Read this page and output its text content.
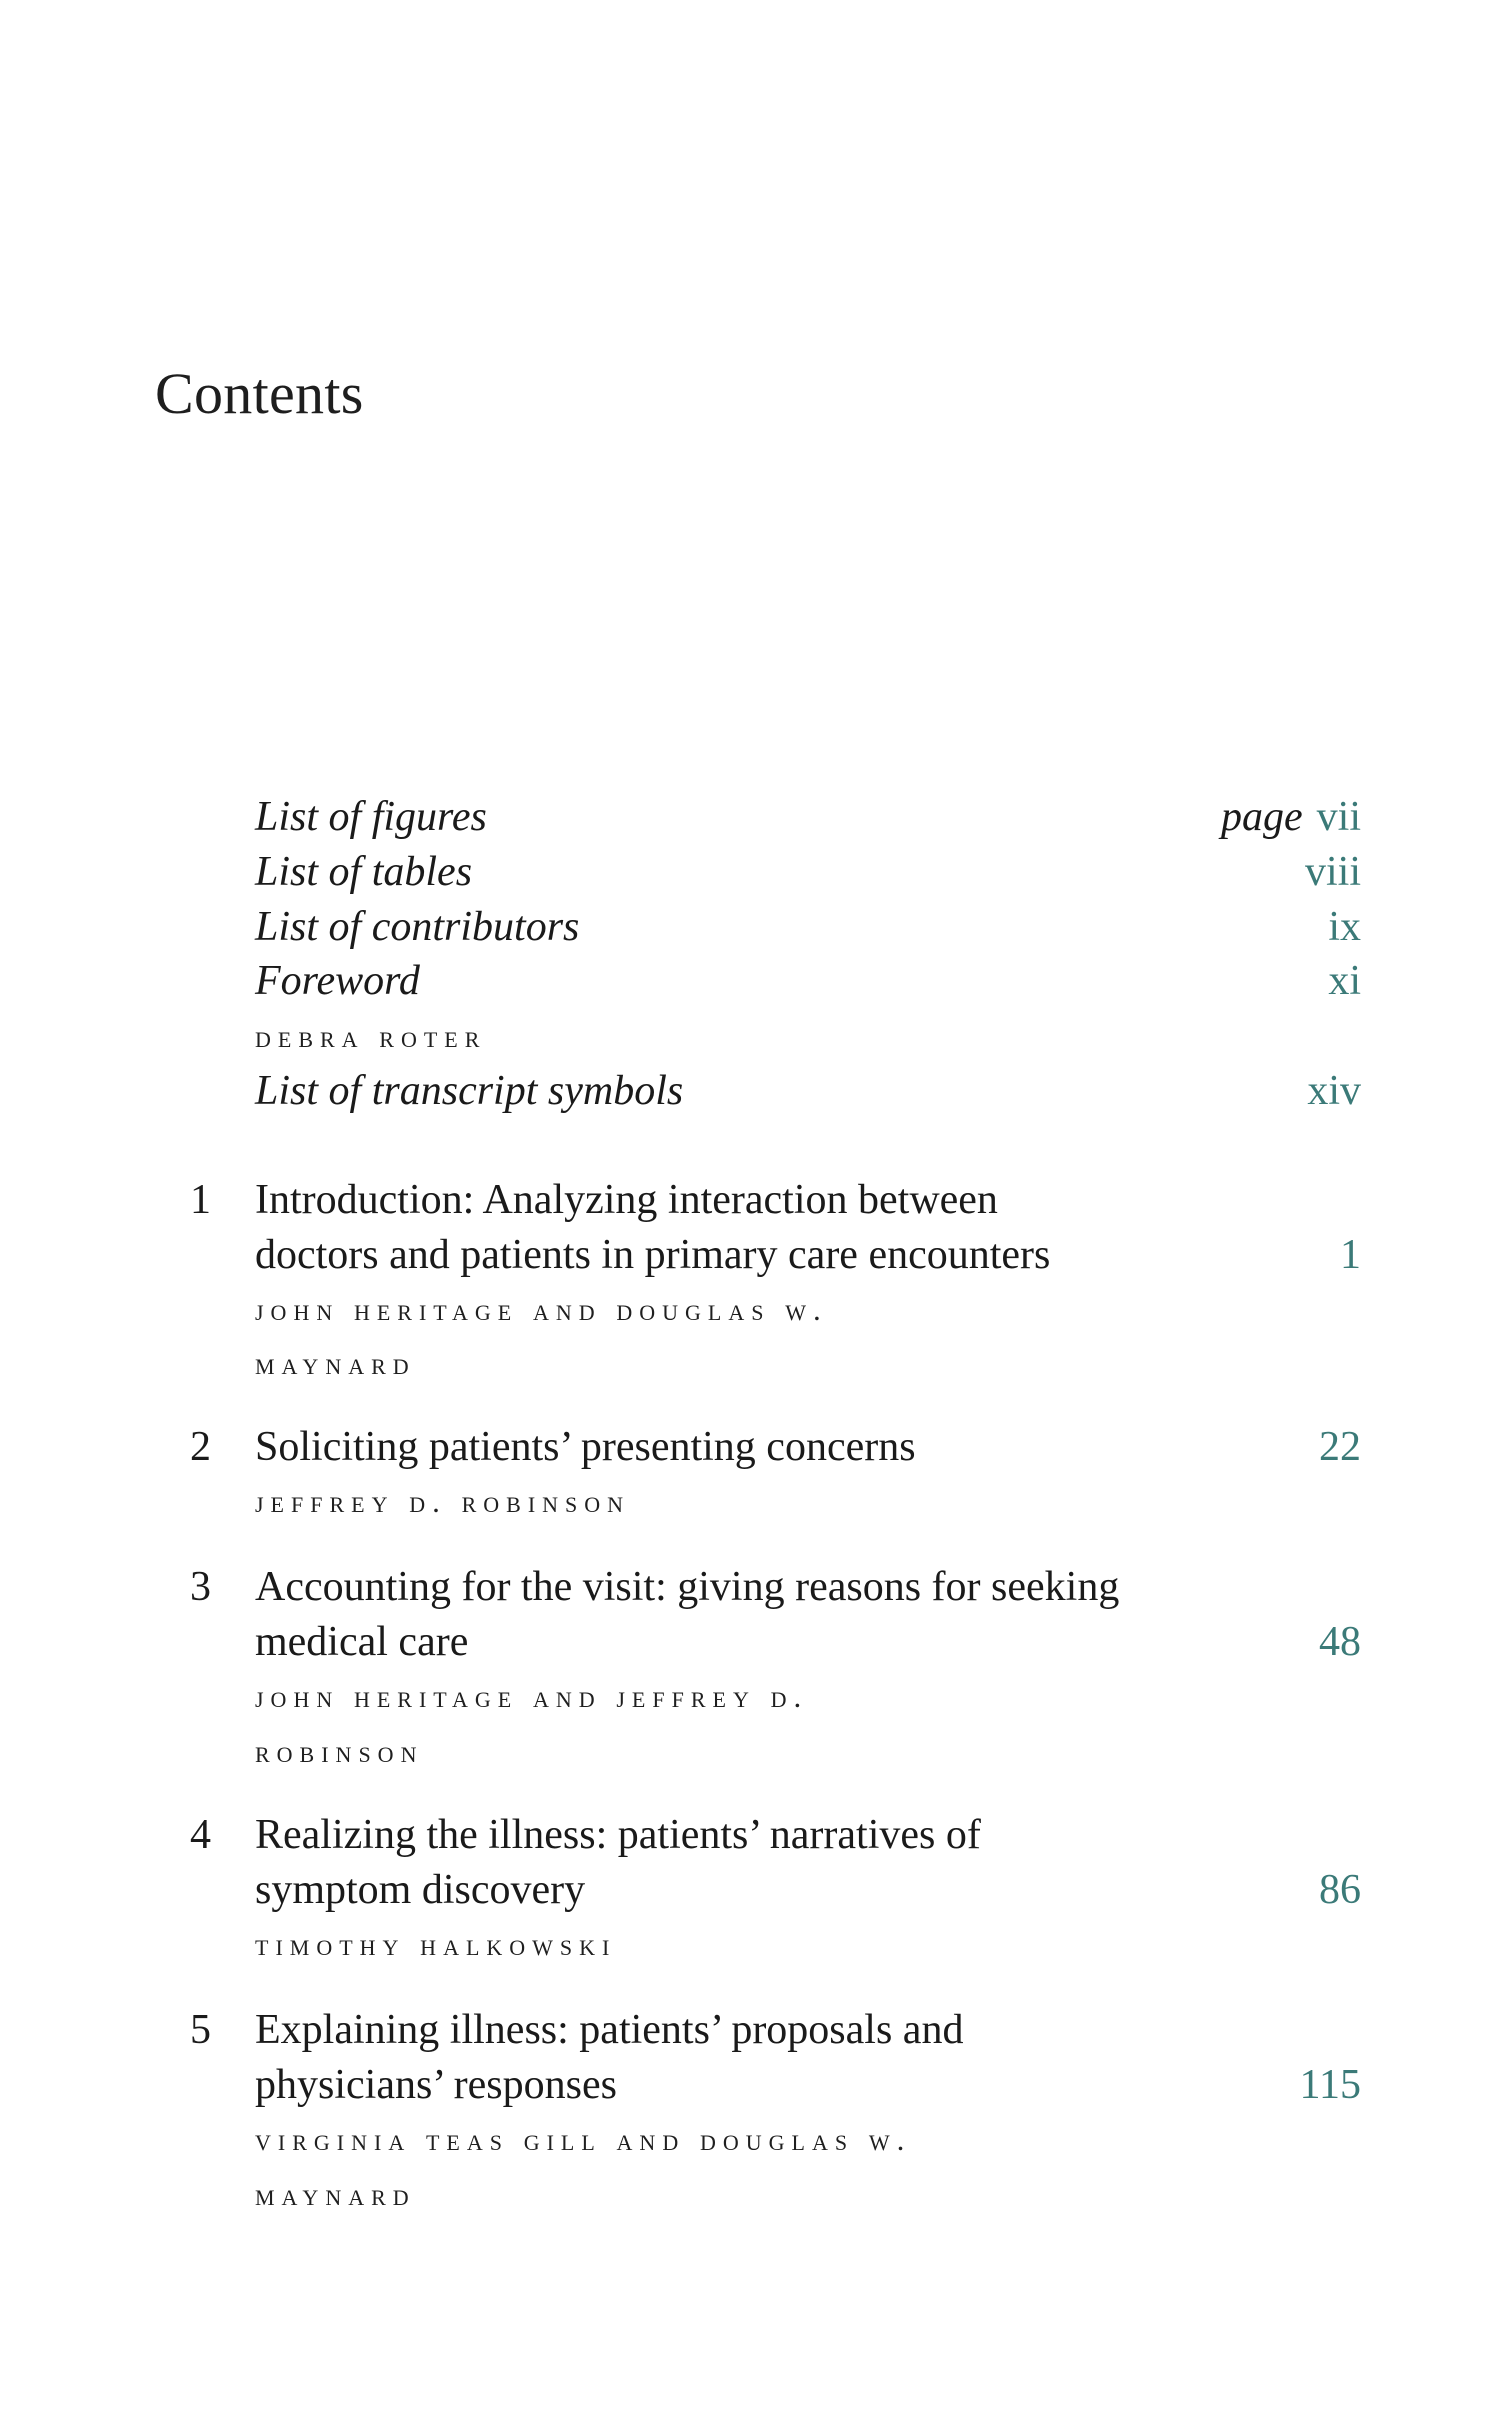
Contents
List of figures	page vii
List of tables	viii
List of contributors	ix
Foreword	xi
debra roter
List of transcript symbols	xiv
1 Introduction: Analyzing interaction between
doctors and patients in primary care encounters	1
john heritage and douglas w.
maynard
2 Soliciting patients’ presenting concerns	22
jeffrey d. robinson
3 Accounting for the visit: giving reasons for seeking
medical care	48
john heritage and jeffrey d.
robinson
4 Realizing the illness: patients’ narratives of
symptom discovery	86
timothy halkowski
5 Explaining illness: patients’ proposals and
physicians’ responses	115
virginia teas gill and douglas w.
maynard
